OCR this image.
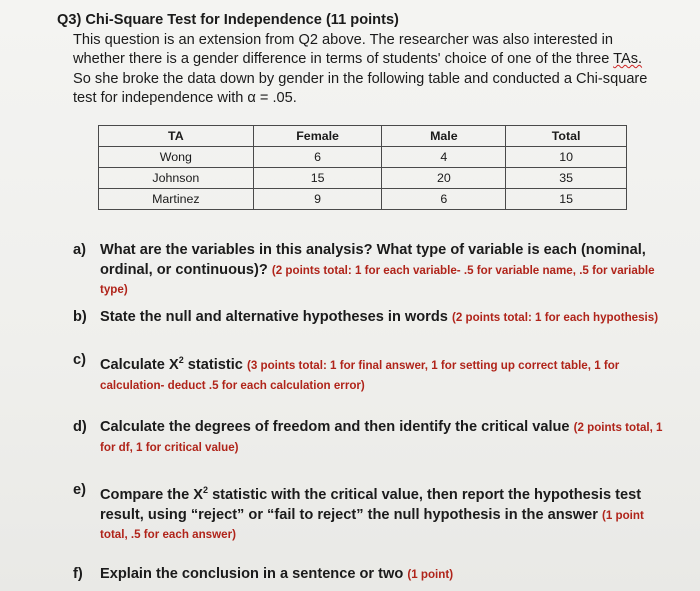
Q3) Chi-Square Test for Independence (11 points)
This question is an extension from Q2 above. The researcher was also interested in
whether there is a gender difference in terms of students' choice of one of the three TAs.
So she broke the data down by gender in the following table and conducted a Chi-square
test for independence with α = .05.
TA	Female	Male	Total
Wong	6	4	10
Johnson	15	20	35
Martinez	9	6	15
a) What are the variables in this analysis? What type of variable is each (nominal, ordinal, or continuous)? (2 points total: 1 for each variable- .5 for variable name, .5 for variable type)
b) State the null and alternative hypotheses in words (2 points total: 1 for each hypothesis)
c) Calculate $X^2$ statistic (3 points total: 1 for final answer, 1 for setting up correct table, 1 for calculation- deduct .5 for each calculation error)
d) Calculate the degrees of freedom and then identify the critical value (2 points total, 1 for df, 1 for critical value)
e) Compare the $X^2$ statistic with the critical value, then report the hypothesis test result, using “reject” or “fail to reject” the null hypothesis in the answer (1 point total, .5 for each answer)
f)	Explain the conclusion in a sentence or two (1 point)
